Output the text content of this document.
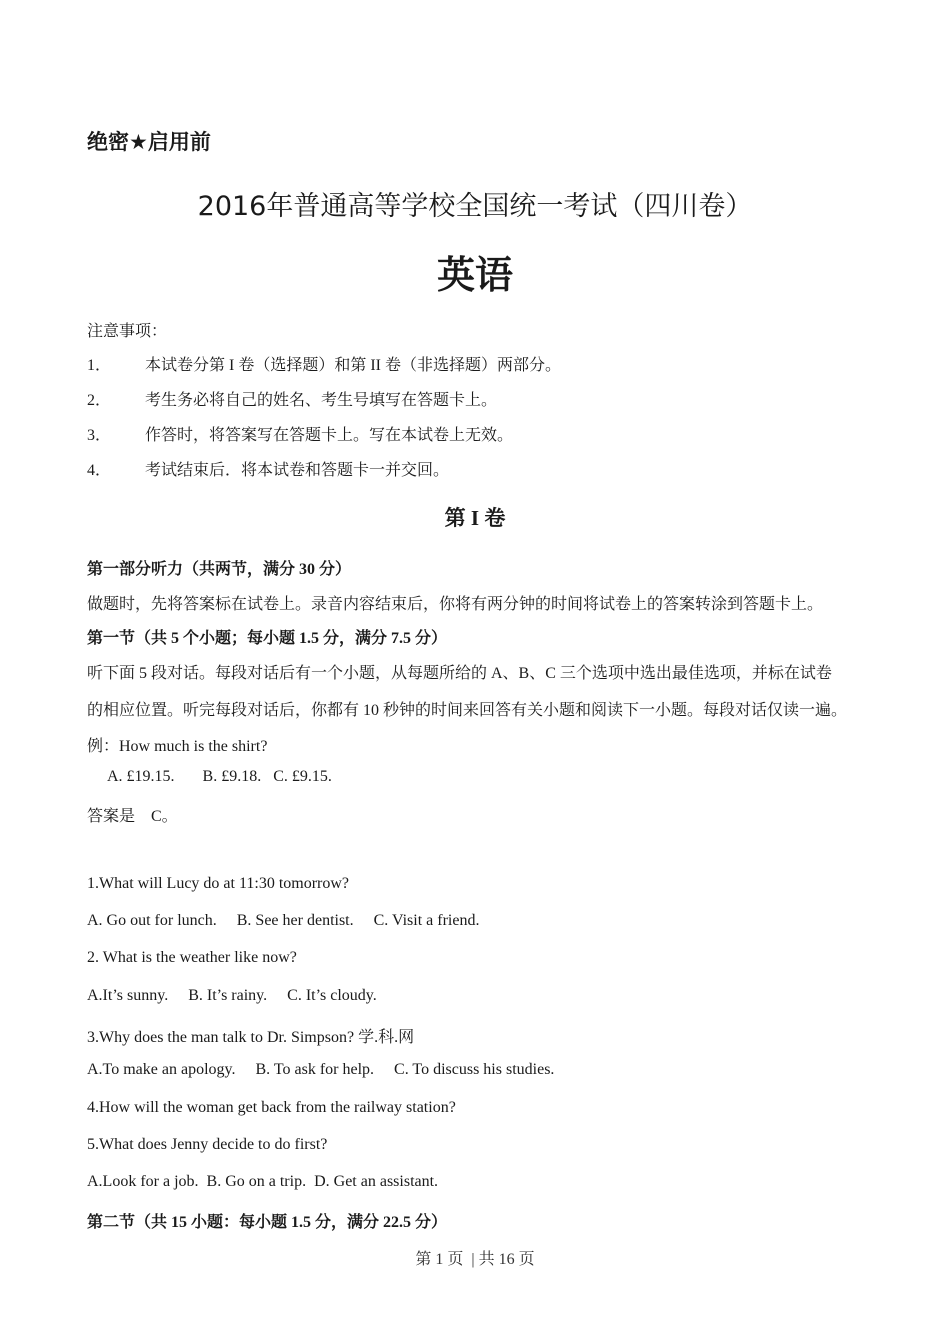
绝密★启用前
2016年普通高等学校全国统一考试（四川卷）
英语
注意事项：
1． 本试卷分第 I 卷（选择题）和第 II 卷（非选择题）两部分。
2． 考生务必将自己的姓名、考生号填写在答题卡上。
3． 作答时，将答案写在答题卡上。写在本试卷上无效。
4． 考试结束后．将本试卷和答题卡一并交回。
第 I 卷
第一部分听力（共两节，满分 30 分）
做题时，先将答案标在试卷上。录音内容结束后，你将有两分钟的时间将试卷上的答案转涂到答题卡上。
第一节（共 5 个小题；每小题 1.5 分，满分 7.5 分）
听下面 5 段对话。每段对话后有一个小题，从每题所给的 A、B、C 三个选项中选出最佳选项，并标在试卷
的相应位置。听完每段对话后，你都有 10 秒钟的时间来回答有关小题和阅读下一小题。每段对话仅读一遍。
例：How much is the shirt?
A. £19.15.       B. £9.18.   C. £9.15.
答案是    C。
1.What will Lucy do at 11:30 tomorrow?
A. Go out for lunch.     B. See her dentist.     C. Visit a friend.
2. What is the weather like now?
A.It’s sunny.     B. It’s rainy.     C. It’s cloudy.
3.Why does the man talk to Dr. Simpson? 学.科.网
A.To make an apology.     B. To ask for help.     C. To discuss his studies.
4.How will the woman get back from the railway station?
5.What does Jenny decide to do first?
A.Look for a job.  B. Go on a trip.  D. Get an assistant.
第二节（共 15 小题：每小题 1.5 分，满分 22.5 分）
第 1 页  | 共 16 页
